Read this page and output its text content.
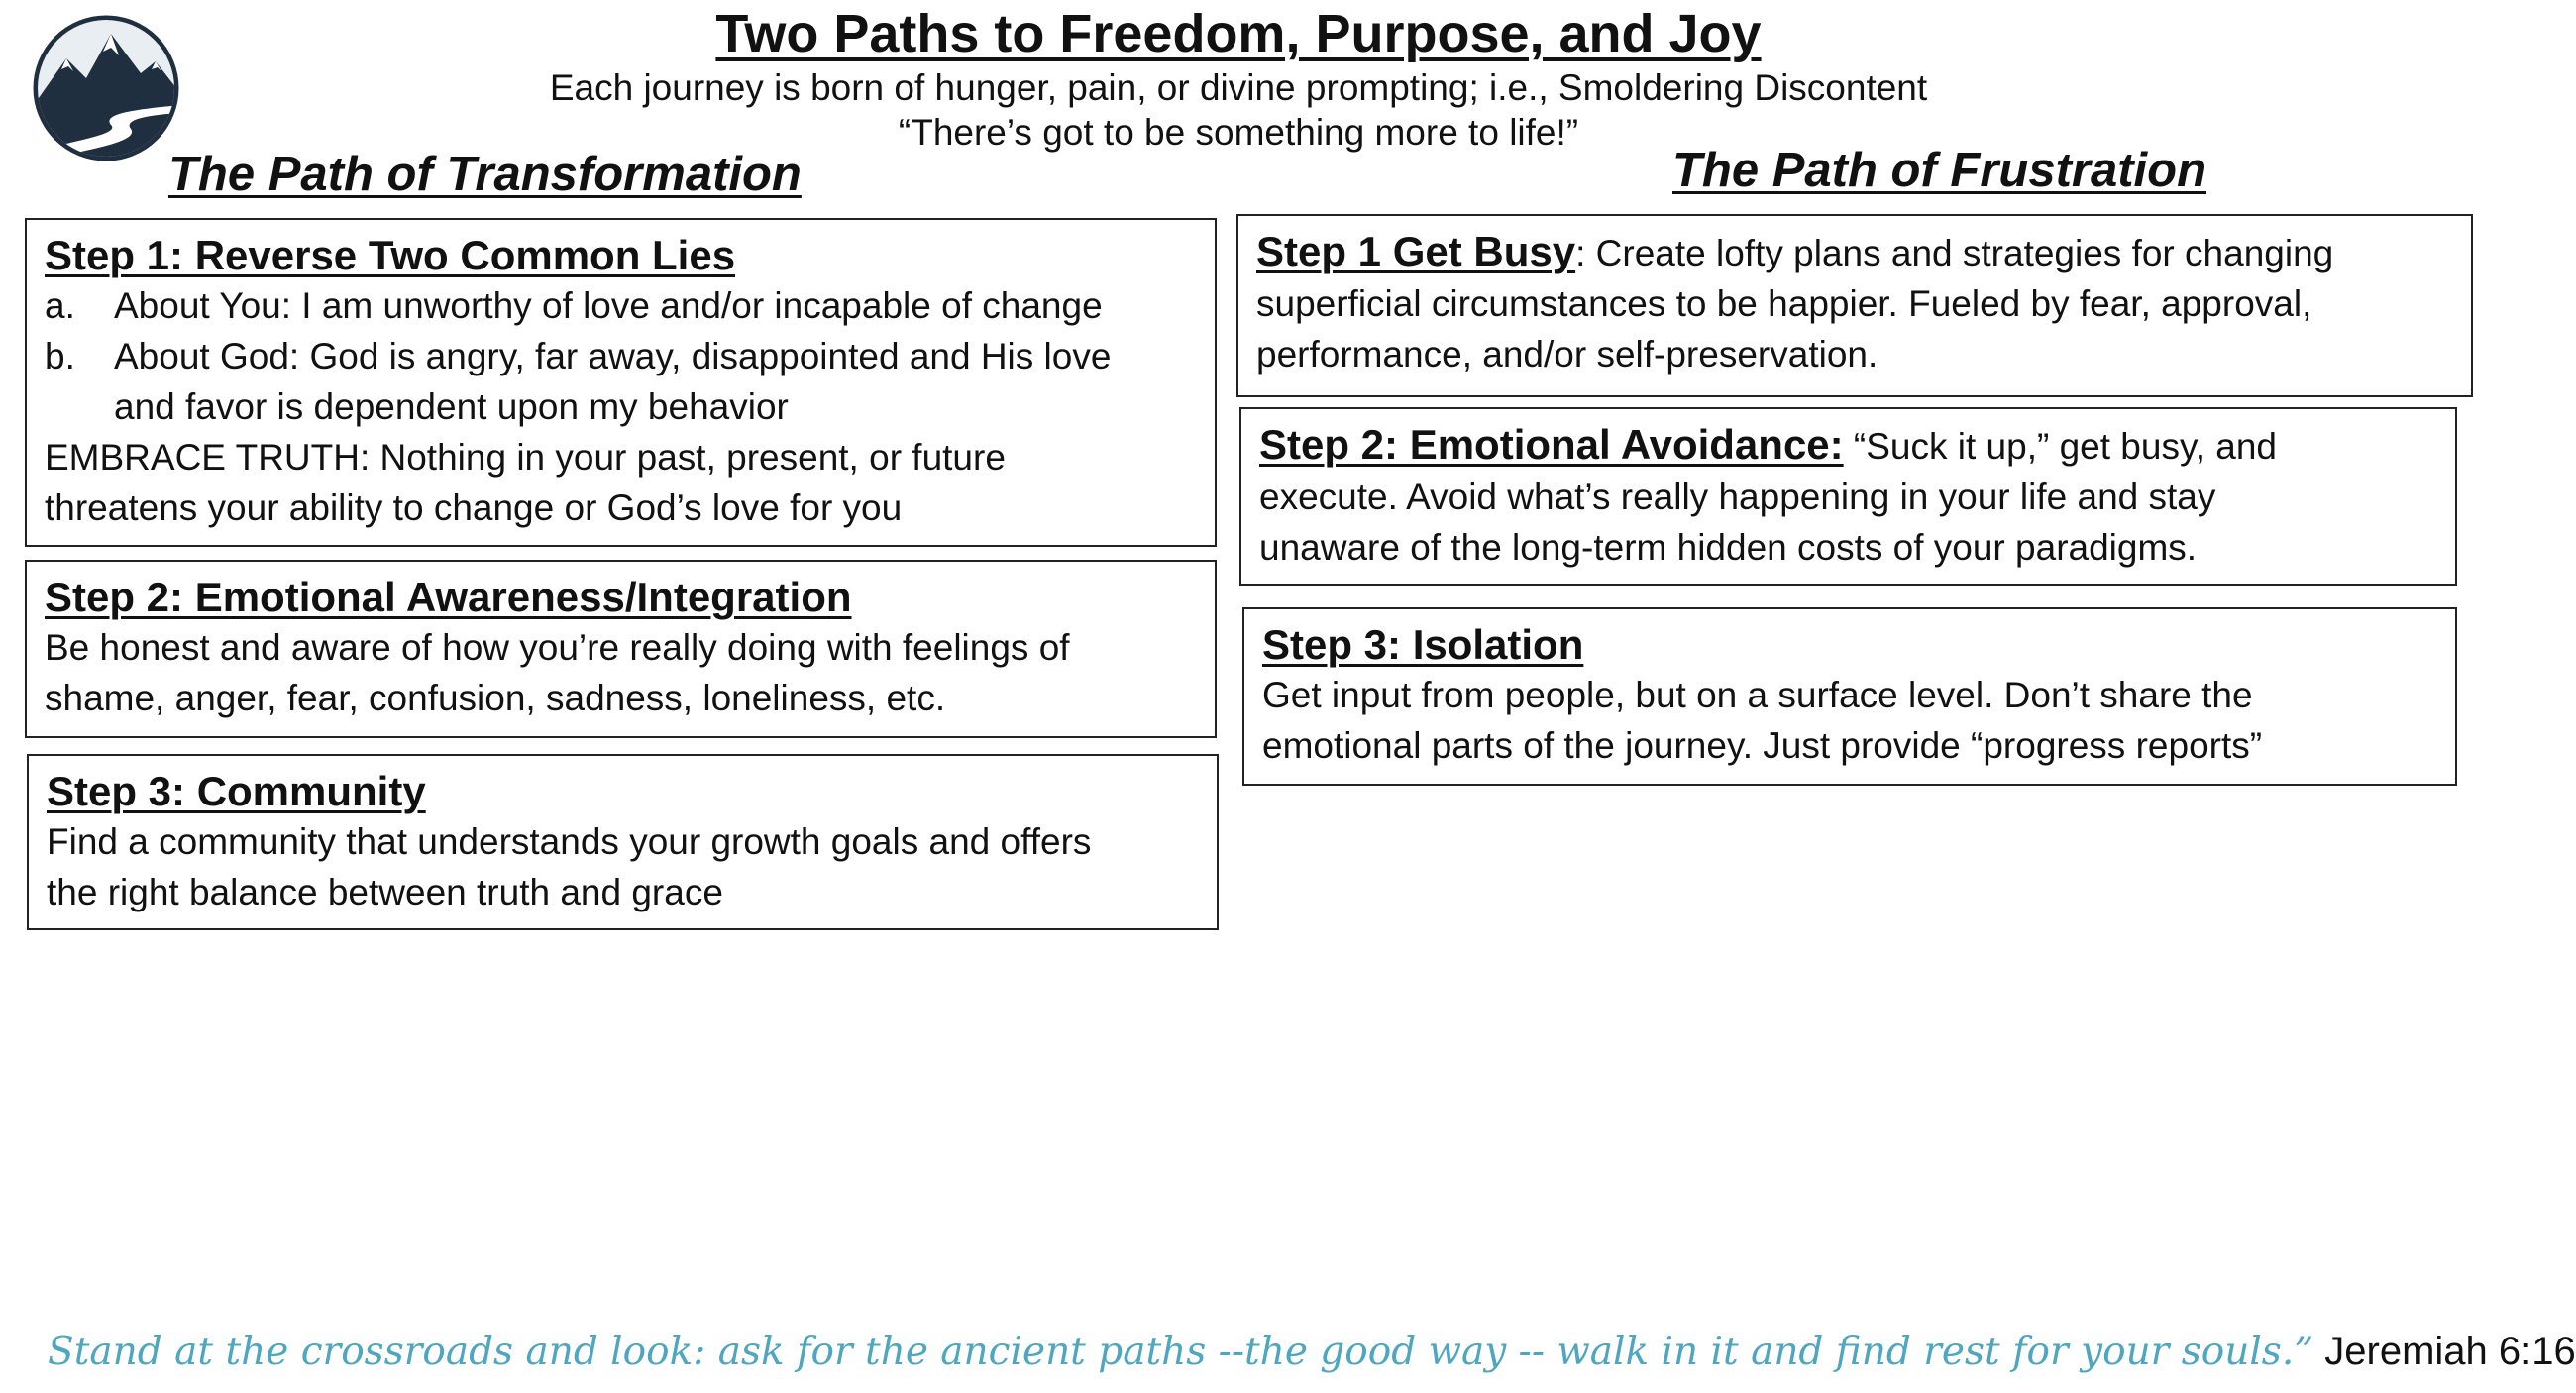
Two Paths to Freedom, Purpose, and Joy
Each journey is born of hunger, pain, or divine prompting; i.e., Smoldering Discontent
“There’s got to be something more to life!”
The Path of Transformation	The Path of Frustration
Step 1: Reverse Two Common Lies
a.	About You: I am unworthy of love and/or incapable of change
b.	About God: God is angry, far away, disappointed and His love
and favor is dependent upon my behavior
EMBRACE TRUTH: Nothing in your past, present, or future
threatens your ability to change or God’s love for you
Step 2: Emotional Awareness/Integration
Be honest and aware of how you’re really doing with feelings of
shame, anger, fear, confusion, sadness, loneliness, etc.
Step 3: Community
Find a community that understands your growth goals and offers
the right balance between truth and grace
Step 1 Get Busy: Create lofty plans and strategies for changing
superficial circumstances to be happier. Fueled by fear, approval,
performance, and/or self-preservation.
Step 2: Emotional Avoidance: “Suck it up,” get busy, and
execute. Avoid what’s really happening in your life and stay
unaware of the long-term hidden costs of your paradigms.
Step 3: Isolation
Get input from people, but on a surface level. Don’t share the
emotional parts of the journey. Just provide “progress reports”
Stand at the crossroads and look: ask for the ancient paths --the good way -- walk in it and find rest for your souls.” Jeremiah 6:16
